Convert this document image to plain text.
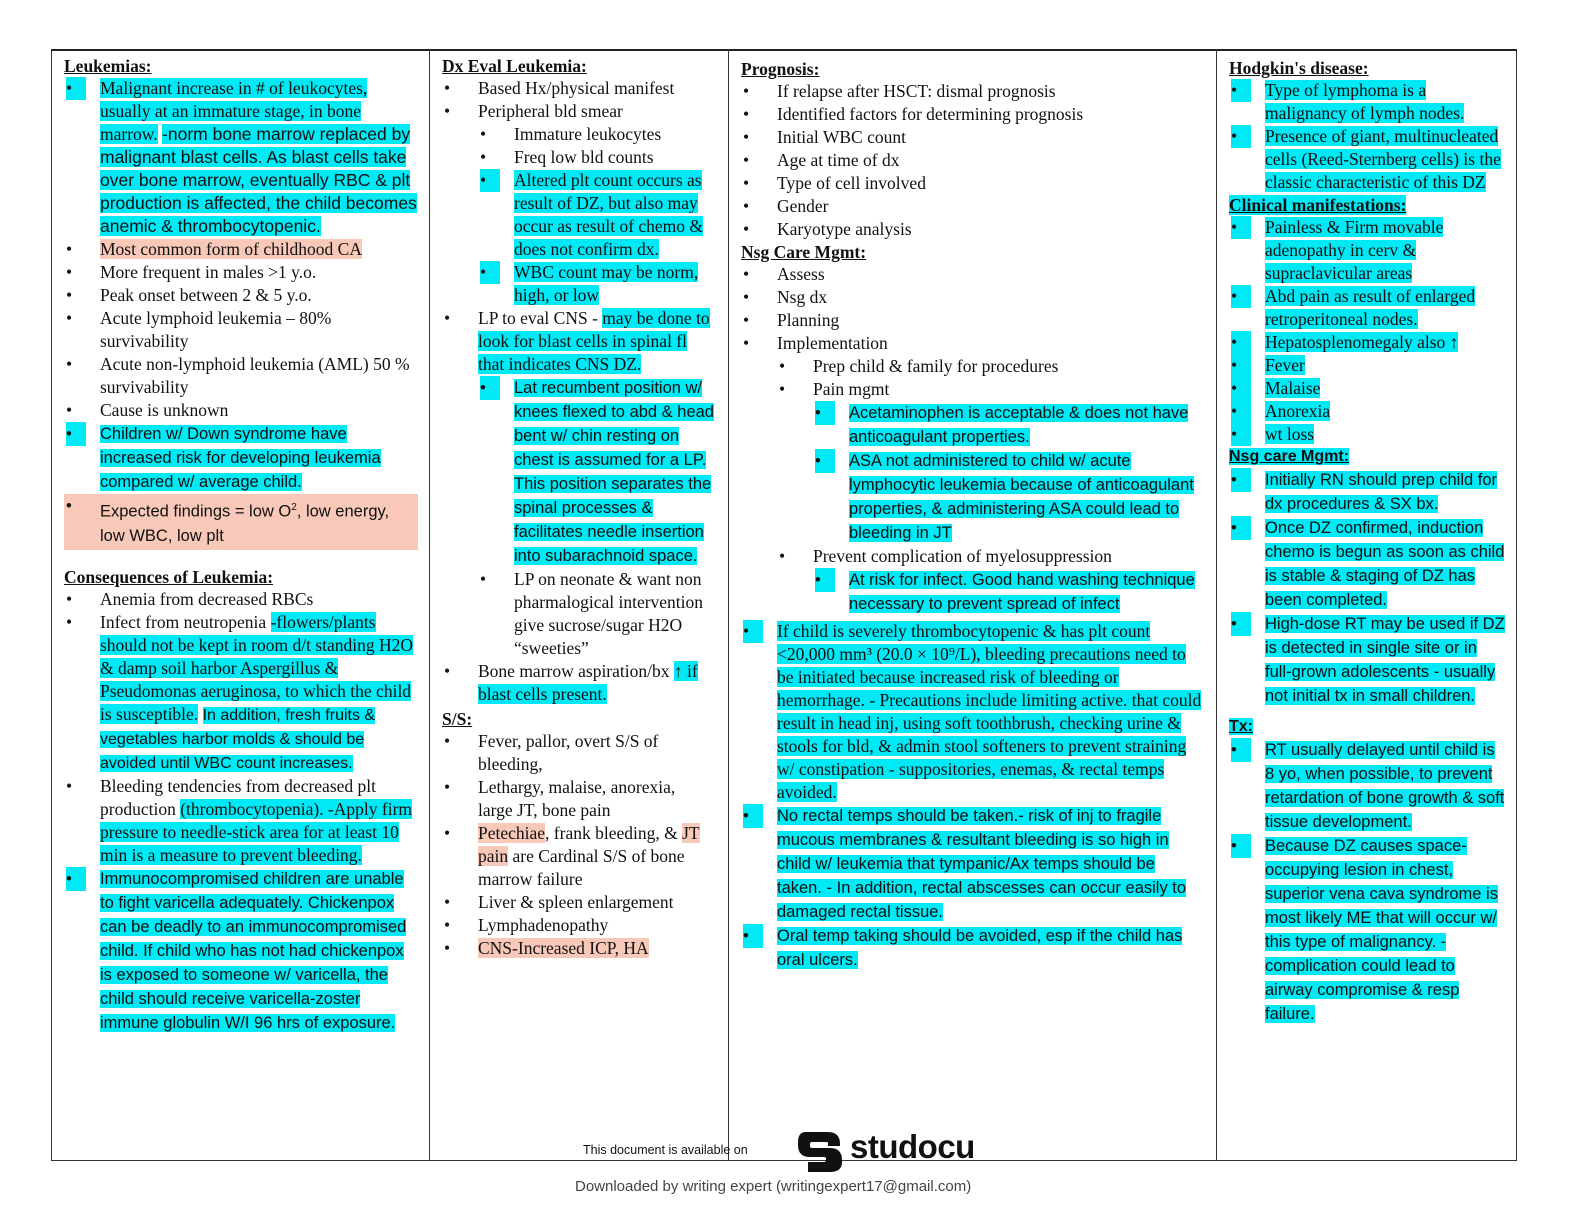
Leukemias:
•	Malignant increase in # of leukocytes, usually at an immature stage, in bone marrow. -norm bone marrow replaced by malignant blast cells. As blast cells take over bone marrow, eventually RBC & plt production is affected, the child becomes anemic & thrombocytopenic.
•	Most common form of childhood CA
•	More frequent in males >1 y.o.
•	Peak onset between 2 & 5 y.o.
•	Acute lymphoid leukemia – 80% survivability
•	Acute non-lymphoid leukemia (AML) 50 % survivability
•	Cause is unknown
•	Children w/ Down syndrome have increased risk for developing leukemia compared w/ average child.
•	Expected findings = low $O^2$, low energy, low WBC, low plt
Consequences of Leukemia:
•	Anemia from decreased RBCs
•	Infect from neutropenia -flowers/plants should not be kept in room d/t standing H2O & damp soil harbor Aspergillus & Pseudomonas aeruginosa, to which the child is susceptible. In addition, fresh fruits & vegetables harbor molds & should be avoided until WBC count increases.
•	Bleeding tendencies from decreased plt production (thrombocytopenia). -Apply firm pressure to needle-stick area for at least 10 min is a measure to prevent bleeding.
•	Immunocompromised children are unable to fight varicella adequately. Chickenpox can be deadly to an immunocompromised child. If child who has not had chickenpox is exposed to someone w/ varicella, the child should receive varicella-zoster immune globulin W/I 96 hrs of exposure.
Dx Eval Leukemia:
•	Based Hx/physical manifest
•	Peripheral bld smear
•	Immature leukocytes
•	Freq low bld counts
•	Altered plt count occurs as result of DZ, but also may occur as result of chemo & does not confirm dx.
•	WBC count may be norm, high, or low
•	LP to eval CNS - may be done to look for blast cells in spinal fl that indicates CNS DZ.
•	Lat recumbent position w/ knees flexed to abd & head bent w/ chin resting on chest is assumed for a LP. This position separates the spinal processes & facilitates needle insertion into subarachnoid space.
•	LP on neonate & want non pharmalogical intervention give sucrose/sugar H2O “sweeties”
•	Bone marrow aspiration/bx ↑ if blast cells present.
S/S:
•	Fever, pallor, overt S/S of bleeding,
•	Lethargy, malaise, anorexia, large JT, bone pain
•	Petechiae, frank bleeding, & JT pain are Cardinal S/S of bone marrow failure
•	Liver & spleen enlargement
•	Lymphadenopathy
•	CNS-Increased ICP, HA
Prognosis:
•	If relapse after HSCT: dismal prognosis
•	Identified factors for determining prognosis
•	Initial WBC count
•	Age at time of dx
•	Type of cell involved
•	Gender
•	Karyotype analysis
Nsg Care Mgmt:
•	Assess
•	Nsg dx
•	Planning
•	Implementation
•	Prep child & family for procedures
•	Pain mgmt
•	Acetaminophen is acceptable & does not have anticoagulant properties.
•	ASA not administered to child w/ acute lymphocytic leukemia because of anticoagulant properties, & administering ASA could lead to bleeding in JT
•	Prevent complication of myelosuppression
•	At risk for infect. Good hand washing technique necessary to prevent spread of infect
•	If child is severely thrombocytopenic & has plt count <20,000 mm³ (20.0 × 10⁹/L), bleeding precautions need to be initiated because increased risk of bleeding or hemorrhage. - Precautions include limiting active. that could result in head inj, using soft toothbrush, checking urine & stools for bld, & admin stool softeners to prevent straining w/ constipation - suppositories, enemas, & rectal temps avoided.
•	No rectal temps should be taken.- risk of inj to fragile mucous membranes & resultant bleeding is so high in child w/ leukemia that tympanic/Ax temps should be taken. - In addition, rectal abscesses can occur easily to damaged rectal tissue.
•	Oral temp taking should be avoided, esp if the child has oral ulcers.
Hodgkin's disease:
•	Type of lymphoma is a malignancy of lymph nodes.
•	Presence of giant, multinucleated cells (Reed-Sternberg cells) is the classic characteristic of this DZ
Clinical manifestations:
•	Painless & Firm movable adenopathy in cerv & supraclavicular areas
•	Abd pain as result of enlarged retroperitoneal nodes.
•	Hepatosplenomegaly also ↑
•	Fever
•	Malaise
•	Anorexia
•	wt loss
Nsg care Mgmt:
•	Initially RN should prep child for dx procedures & SX bx.
•	Once DZ confirmed, induction chemo is begun as soon as child is stable & staging of DZ has been completed.
•	High-dose RT may be used if DZ is detected in single site or in full-grown adolescents - usually not initial tx in small children.
Tx:
•	RT usually delayed until child is 8 yo, when possible, to prevent retardation of bone growth & soft tissue development.
•	Because DZ causes space-occupying lesion in chest, superior vena cava syndrome is most likely ME that will occur w/ this type of malignancy. - complication could lead to airway compromise & resp failure.
This document is available on	studocu
Downloaded by writing expert (writingexpert17@gmail.com)
